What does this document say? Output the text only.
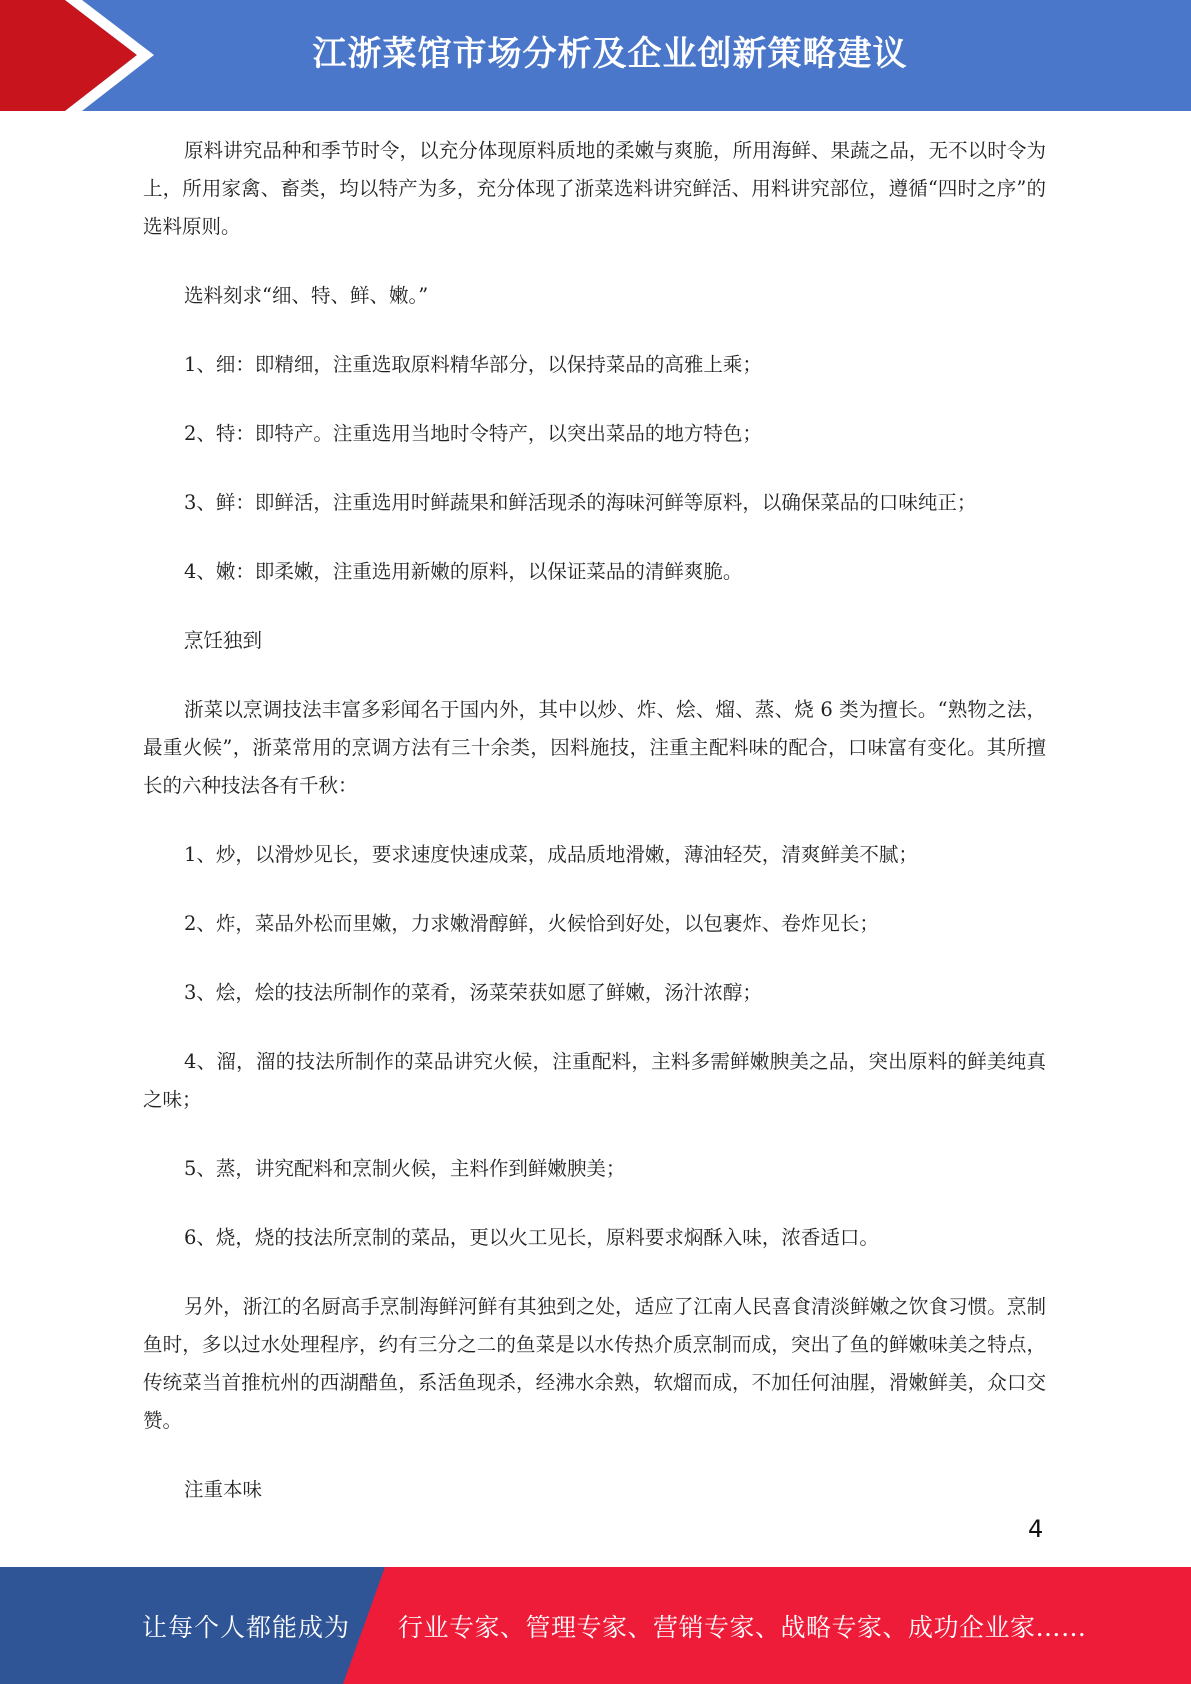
江浙菜馆市场分析及企业创新策略建议

原料讲究品种和季节时令，以充分体现原料质地的柔嫩与爽脆，所用海鲜、果蔬之品，无不以时令为上，所用家禽、畜类，均以特产为多，充分体现了浙菜选料讲究鲜活、用料讲究部位，遵循“四时之序”的选料原则。

选料刻求“细、特、鲜、嫩。”

1、细：即精细，注重选取原料精华部分，以保持菜品的高雅上乘；

2、特：即特产。注重选用当地时令特产，以突出菜品的地方特色；

3、鲜：即鲜活，注重选用时鲜蔬果和鲜活现杀的海味河鲜等原料，以确保菜品的口味纯正；

4、嫩：即柔嫩，注重选用新嫩的原料，以保证菜品的清鲜爽脆。

烹饪独到

浙菜以烹调技法丰富多彩闻名于国内外，其中以炒、炸、烩、熘、蒸、烧 6 类为擅长。“熟物之法，最重火候”，浙菜常用的烹调方法有三十余类，因料施技，注重主配料味的配合，口味富有变化。其所擅长的六种技法各有千秋：

1、炒，以滑炒见长，要求速度快速成菜，成品质地滑嫩，薄油轻芡，清爽鲜美不腻；

2、炸，菜品外松而里嫩，力求嫩滑醇鲜，火候恰到好处，以包裹炸、卷炸见长；

3、烩，烩的技法所制作的菜肴，汤菜荣获如愿了鲜嫩，汤汁浓醇；

4、溜，溜的技法所制作的菜品讲究火候，注重配料，主料多需鲜嫩腴美之品，突出原料的鲜美纯真之味；

5、蒸，讲究配料和烹制火候，主料作到鲜嫩腴美；

6、烧，烧的技法所烹制的菜品，更以火工见长，原料要求焖酥入味，浓香适口。

另外，浙江的名厨高手烹制海鲜河鲜有其独到之处，适应了江南人民喜食清淡鲜嫩之饮食习惯。烹制鱼时，多以过水处理程序，约有三分之二的鱼菜是以水传热介质烹制而成，突出了鱼的鲜嫩味美之特点，传统菜当首推杭州的西湖醋鱼，系活鱼现杀，经沸水余熟，软熘而成，不加任何油腥，滑嫩鲜美，众口交赞。

注重本味

4
让每个人都能成为 行业专家、管理专家、营销专家、战略专家、成功企业家……
